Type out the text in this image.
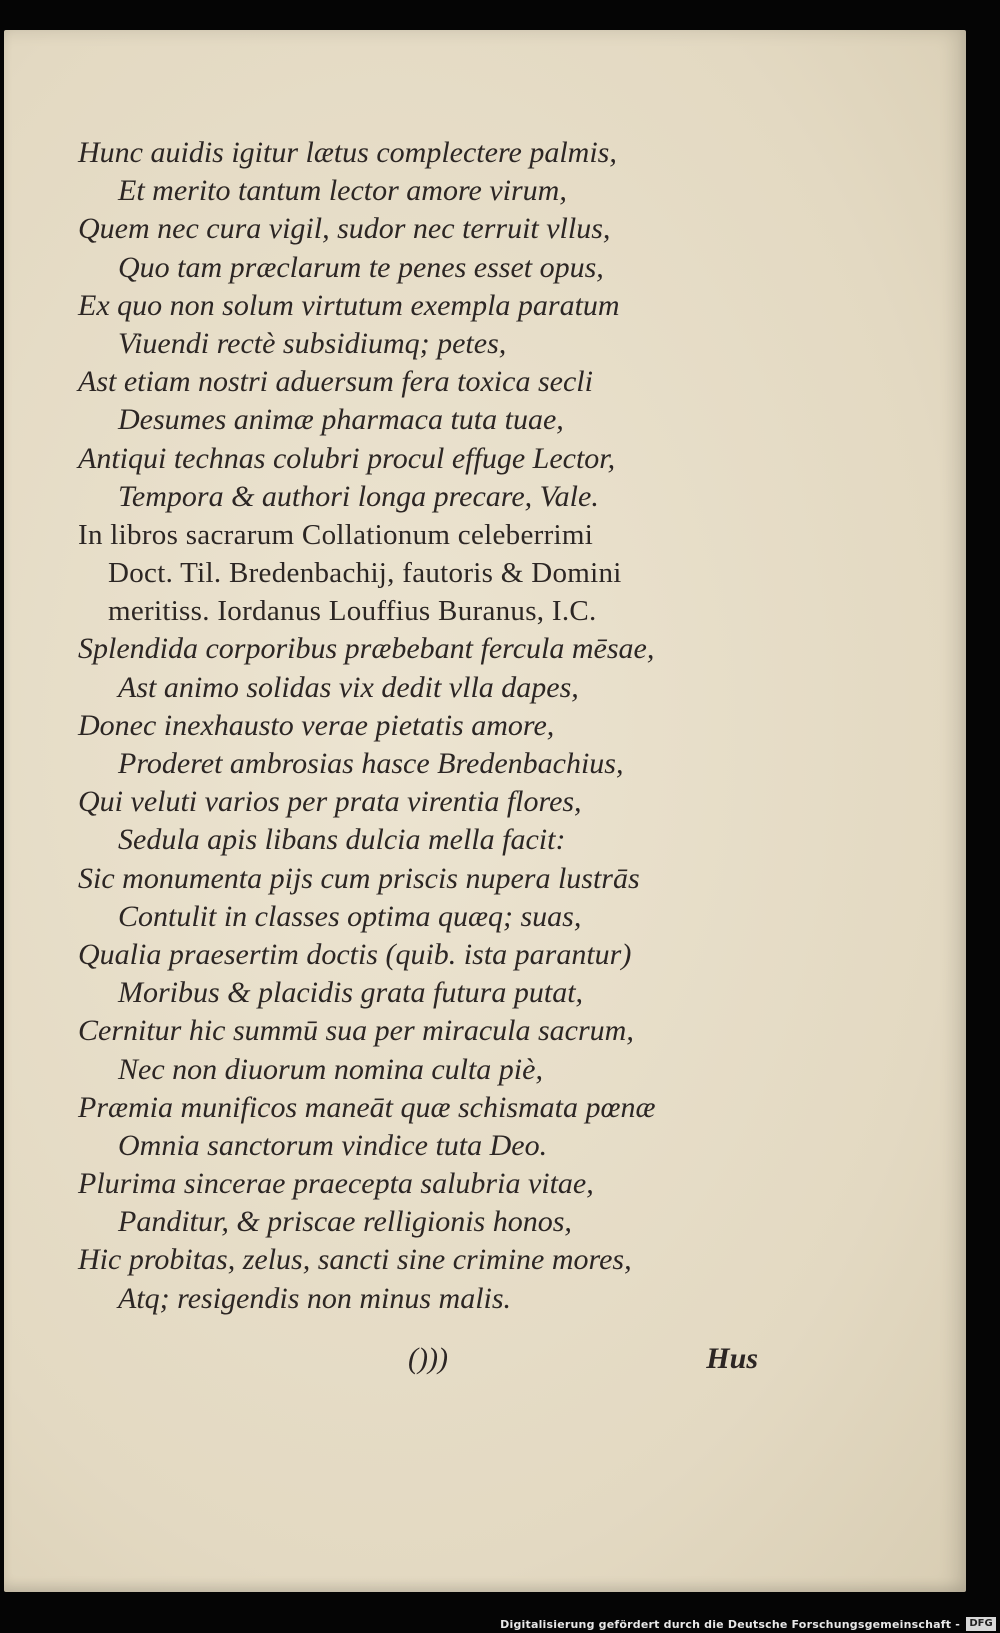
Hunc auidis igitur lætus complectere palmis,
Et merito tantum lector amore virum,
Quem nec cura vigil, sudor nec terruit vllus,
Quo tam præclarum te penes esset opus,
Ex quo non solum virtutum exempla paratum
Viuendi rectè subsidiumq; petes,
Ast etiam nostri aduersum fera toxica secli
Desumes animæ pharmaca tuta tuae,
Antiqui technas colubri procul effuge Lector,
Tempora & authori longa precare, Vale.
In libros sacrarum Collationum celeberrimi
Doct. Til. Bredenbachij, fautoris & Domini
meritiss. Iordanus Louffius Buranus, I.C.
Splendida corporibus præbebant fercula mēsae,
Ast animo solidas vix dedit vlla dapes,
Donec inexhausto verae pietatis amore,
Proderet ambrosias hasce Bredenbachius,
Qui veluti varios per prata virentia flores,
Sedula apis libans dulcia mella facit:
Sic monumenta pijs cum priscis nupera lustrās
Contulit in classes optima quæq; suas,
Qualia praesertim doctis (quib. ista parantur)
Moribus & placidis grata futura putat,
Cernitur hic summū sua per miracula sacrum,
Nec non diuorum nomina culta piè,
Præmia munificos maneāt quæ schismata pœnæ
Omnia sanctorum vindice tuta Deo.
Plurima sincerae praecepta salubria vitae,
Panditur, & priscae relligionis honos,
Hic probitas, zelus, sancti sine crimine mores,
Atq; resigendis non minus malis.
()))	Hus
Digitalisierung gefördert durch die Deutsche Forschungsgemeinschaft - DFG
